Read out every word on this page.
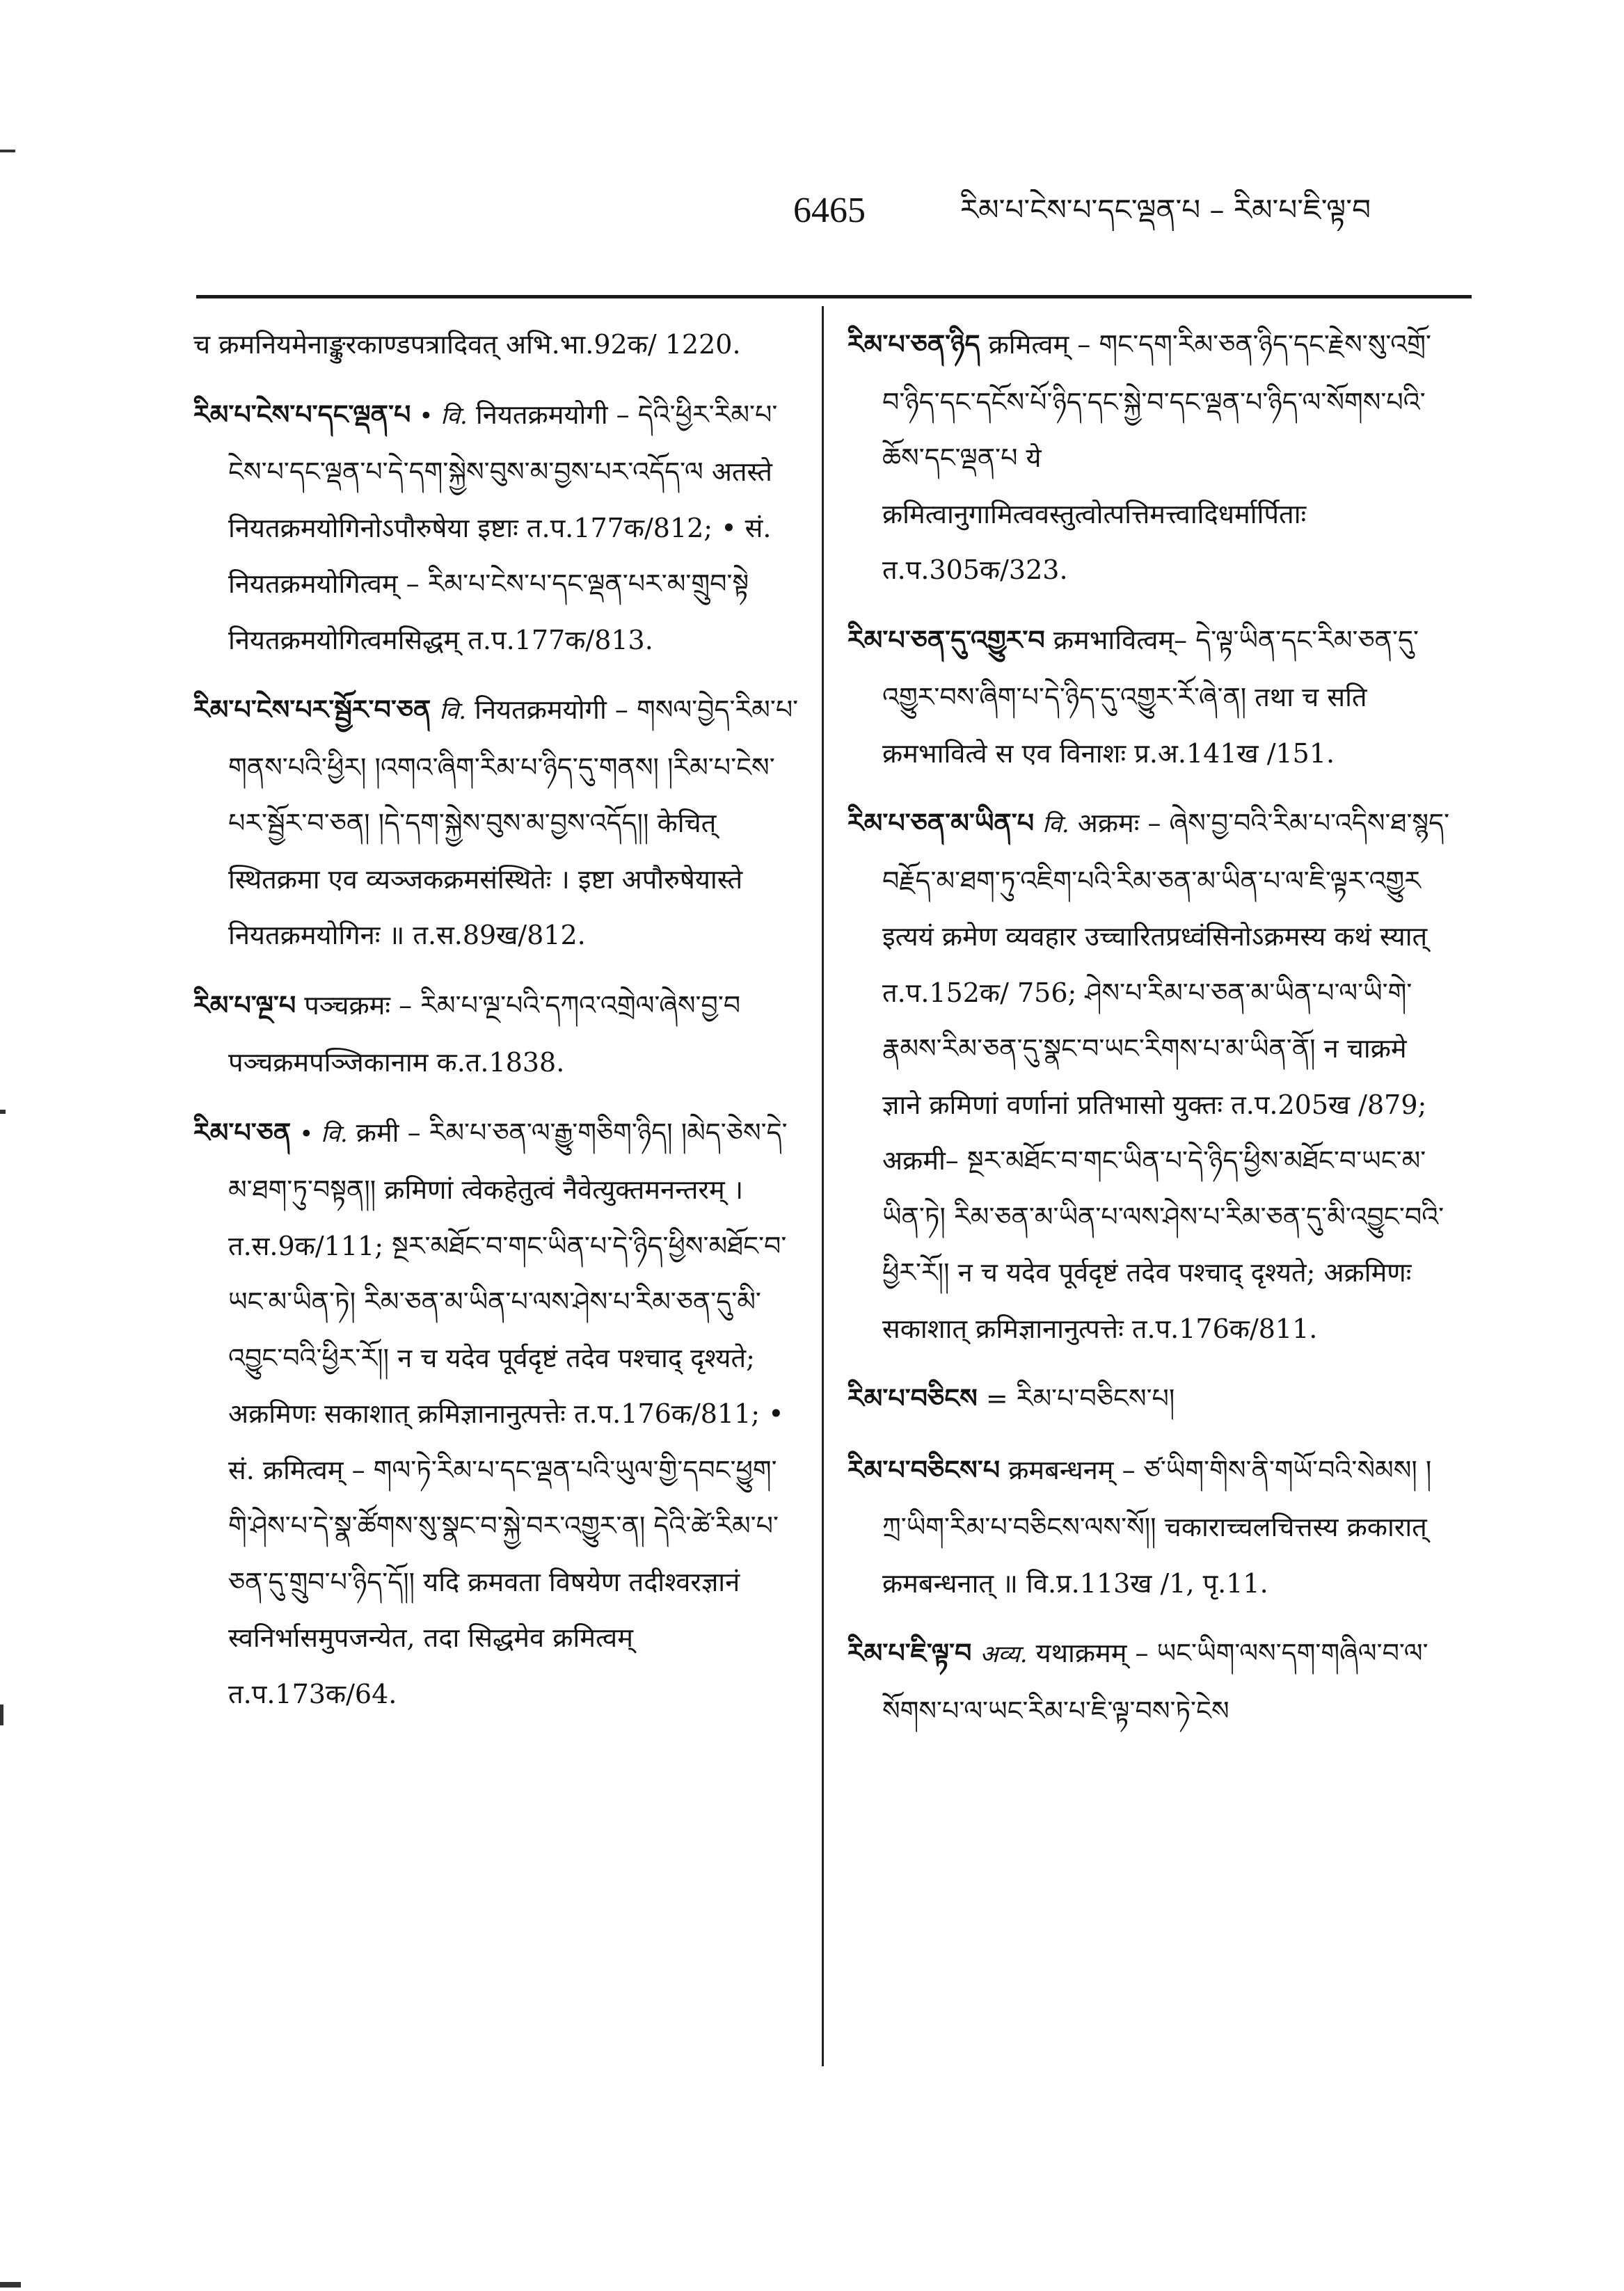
6465	རིམ་པ་ངེས་པ་དང་ལྡན་པ – རིམ་པ་ཇི་ལྟ་བ
च क्रमनियमेनाङ्कुरकाण्डपत्रादिवत् अभि.भा.92क/ 1220.
རིམ་པ་ངེས་པ་དང་ལྡན་པ • वि. नियतक्रमयोगी – དེའི་ཕྱིར་རིམ་པ་ངེས་པ་དང་ལྡན་པ་དེ་དག་སྐྱེས་བུས་མ་བྱས་པར་འདོད་ལ अतस्ते नियतक्रमयोगिनोऽपौरुषेया इष्टाः त.प.177क/812; • सं. नियतक्रमयोगित्वम् – རིམ་པ་ངེས་པ་དང་ལྡན་པར་མ་གྲུབ་སྟེ नियतक्रमयोगित्वमसिद्धम् त.प.177क/813.
རིམ་པ་ངེས་པར་སྦྱོར་བ་ཅན वि. नियतक्रमयोगी – གསལ་བྱེད་རིམ་པ་གནས་པའི་ཕྱིར། །འགའ་ཞིག་རིམ་པ་ཉིད་དུ་གནས། །རིམ་པ་ངེས་པར་སྦྱོར་བ་ཅན། །དེ་དག་སྐྱེས་བུས་མ་བྱས་འདོད།། केचित् स्थितक्रमा एव व्यञ्जकक्रमसंस्थितेः । इष्टा अपौरुषेयास्ते नियतक्रमयोगिनः ॥ त.स.89ख/812.
རིམ་པ་ལྔ་པ पञ्चक्रमः – རིམ་པ་ལྔ་པའི་དཀའ་འགྲེལ་ཞེས་བྱ་བ पञ्चक्रमपञ्जिकानाम क.त.1838.
རིམ་པ་ཅན • वि. क्रमी – རིམ་པ་ཅན་ལ་རྒྱུ་གཅིག་ཉིད། །མེད་ཅེས་དེ་མ་ཐག་ཏུ་བསྟན།། क्रमिणां त्वेकहेतुत्वं नैवेत्युक्तमनन्तरम् । त.स.9क/111; སྔར་མཐོང་བ་གང་ཡིན་པ་དེ་ཉིད་ཕྱིས་མཐོང་བ་ཡང་མ་ཡིན་ཏེ། རིམ་ཅན་མ་ཡིན་པ་ལས་ཤེས་པ་རིམ་ཅན་དུ་མི་འབྱུང་བའི་ཕྱིར་རོ།། न च यदेव पूर्वदृष्टं तदेव पश्चाद् दृश्यते; अक्रमिणः सकाशात् क्रमिज्ञानानुत्पत्तेः त.प.176क/811; • सं. क्रमित्वम् – གལ་ཏེ་རིམ་པ་དང་ལྡན་པའི་ཡུལ་གྱི་དབང་ཕྱུག་གི་ཤེས་པ་དེ་སྣ་ཚོགས་སུ་སྣང་བ་སྐྱེ་བར་འགྱུར་ན། དེའི་ཚེ་རིམ་པ་ཅན་དུ་གྲུབ་པ་ཉིད་དོ།། यदि क्रमवता विषयेण तदीश्वरज्ञानं स्वनिर्भासमुपजन्येत, तदा सिद्धमेव क्रमित्वम् त.प.173क/64.
རིམ་པ་ཅན་ཉིད क्रमित्वम् – གང་དག་རིམ་ཅན་ཉིད་དང་རྗེས་སུ་འགྲོ་བ་ཉིད་དང་དངོས་པོ་ཉིད་དང་སྐྱེ་བ་དང་ལྡན་པ་ཉིད་ལ་སོགས་པའི་ཆོས་དང་ལྡན་པ ये क्रमित्वानुगामित्ववस्तुत्वोत्पत्तिमत्त्वादिधर्मार्पिताः त.प.305क/323.
རིམ་པ་ཅན་དུ་འགྱུར་བ क्रमभावित्वम्– དེ་ལྟ་ཡིན་དང་རིམ་ཅན་དུ་འགྱུར་བས་ཞིག་པ་དེ་ཉིད་དུ་འགྱུར་རོ་ཞེ་ན། तथा च सति क्रमभावित्वे स एव विनाशः प्र.अ.141ख /151.
རིམ་པ་ཅན་མ་ཡིན་པ वि. अक्रमः – ཞེས་བྱ་བའི་རིམ་པ་འདིས་ཐ་སྙད་བརྗོད་མ་ཐག་ཏུ་འཇིག་པའི་རིམ་ཅན་མ་ཡིན་པ་ལ་ཇི་ལྟར་འགྱུར इत्ययं क्रमेण व्यवहार उच्चारितप्रध्वंसिनोऽक्रमस्य कथं स्यात् त.प.152क/ 756; ཤེས་པ་རིམ་པ་ཅན་མ་ཡིན་པ་ལ་ཡི་གེ་རྣམས་རིམ་ཅན་དུ་སྣང་བ་ཡང་རིགས་པ་མ་ཡིན་ནོ། न चाक्रमे ज्ञाने क्रमिणां वर्णानां प्रतिभासो युक्तः त.प.205ख /879; अक्रमी– སྔར་མཐོང་བ་གང་ཡིན་པ་དེ་ཉིད་ཕྱིས་མཐོང་བ་ཡང་མ་ཡིན་ཏེ། རིམ་ཅན་མ་ཡིན་པ་ལས་ཤེས་པ་རིམ་ཅན་དུ་མི་འབྱུང་བའི་ཕྱིར་རོ།། न च यदेव पूर्वदृष्टं तदेव पश्चाद् दृश्यते; अक्रमिणः सकाशात् क्रमिज्ञानानुत्पत्तेः त.प.176क/811.
རིམ་པ་བཅིངས = རིམ་པ་བཅིངས་པ།
རིམ་པ་བཅིངས་པ क्रमबन्धनम् – ཙ་ཡིག་གིས་ནི་གཡོ་བའི་སེམས། །ཀྲ་ཡིག་རིམ་པ་བཅིངས་ལས་སོ།། चकाराच्चलचित्तस्य क्रकारात् क्रमबन्धनात् ॥ वि.प्र.113ख /1, पृ.11.
རིམ་པ་ཇི་ལྟ་བ अव्य. यथाक्रमम् – ཡང་ཡིག་ལས་དག་གཞིལ་བ་ལ་སོགས་པ་ལ་ཡང་རིམ་པ་ཇི་ལྟ་བས་ཏེ་ངེས
